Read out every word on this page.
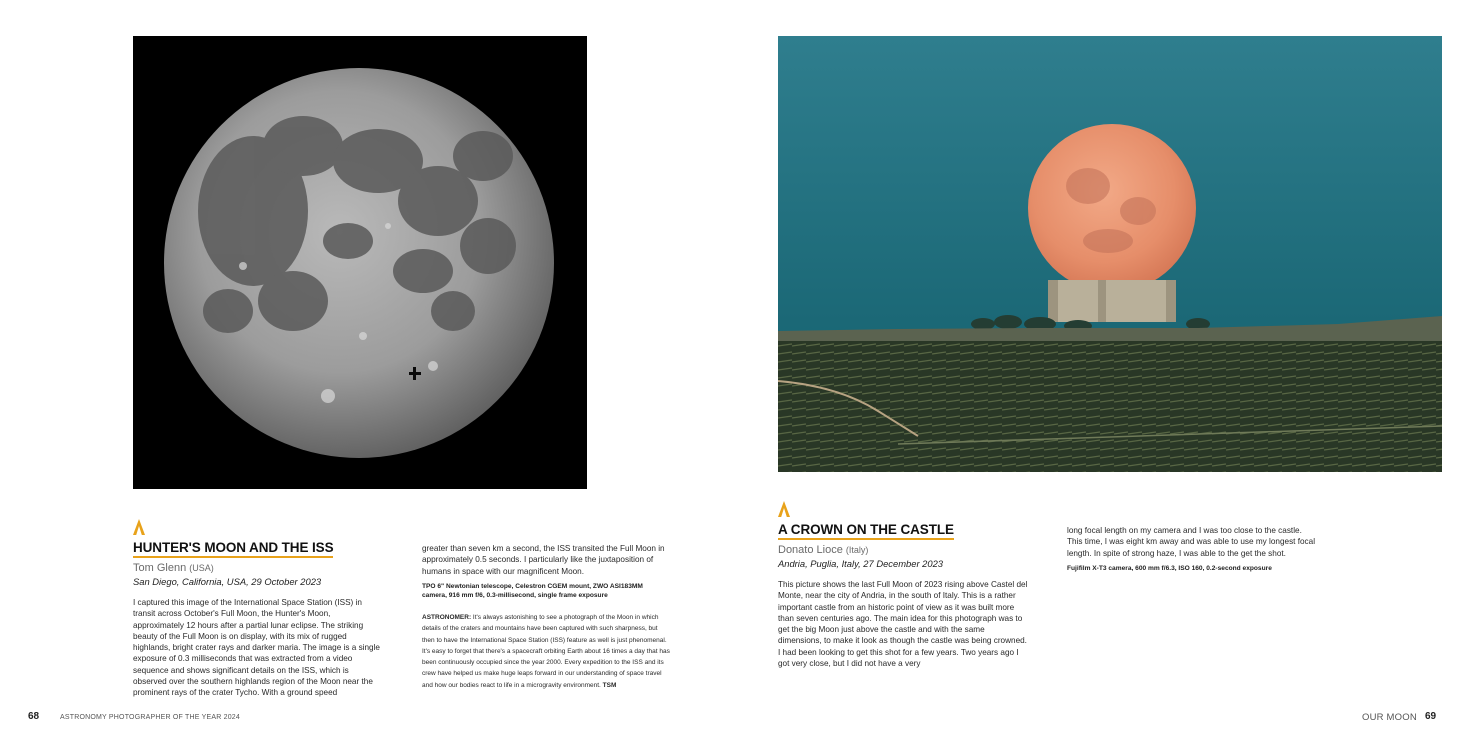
HUNTER'S MOON AND THE ISS
Tom Glenn (USA)
San Diego, California, USA, 29 October 2023

I captured this image of the International Space Station (ISS) in transit across October's Full Moon, the Hunter's Moon, approximately 12 hours after a partial lunar eclipse. The striking beauty of the Full Moon is on display, with its mix of rugged highlands, bright crater rays and darker maria. The image is a single exposure of 0.3 milliseconds that was extracted from a video sequence and shows significant details on the ISS, which is observed over the southern highlands region of the Moon near the prominent rays of the crater Tycho. With a ground speed

greater than seven km a second, the ISS transited the Full Moon in approximately 0.5 seconds. I particularly like the juxtaposition of humans in space with our magnificent Moon.

TPO 6" Newtonian telescope, Celestron CGEM mount, ZWO ASI183MM camera, 916 mm f/6, 0.3-millisecond, single frame exposure
ASTRONOMER: It's always astonishing to see a photograph of the Moon in which details of the craters and mountains have been captured with such sharpness, but then to have the International Space Station (ISS) feature as well is just phenomenal. It's easy to forget that there's a spacecraft orbiting Earth about 16 times a day that has been continuously occupied since the year 2000. Every expedition to the ISS and its crew have helped us make huge leaps forward in our understanding of space travel and how our bodies react to life in a microgravity environment. TSM
68	ASTRONOMY PHOTOGRAPHER OF THE YEAR 2024
A CROWN ON THE CASTLE
Donato Lioce (Italy)
Andria, Puglia, Italy, 27 December 2023

This picture shows the last Full Moon of 2023 rising above Castel del Monte, near the city of Andria, in the south of Italy. This is a rather important castle from an historic point of view as it was built more than seven centuries ago. The main idea for this photograph was to get the big Moon just above the castle and with the same dimensions, to make it look as though the castle was being crowned. I had been looking to get this shot for a few years. Two years ago I got very close, but I did not have a very

long focal length on my camera and I was too close to the castle. This time, I was eight km away and was able to use my longest focal length. In spite of strong haze, I was able to the get the shot.

Fujifilm X-T3 camera, 600 mm f/6.3, ISO 160, 0.2-second exposure
OUR MOON 69
